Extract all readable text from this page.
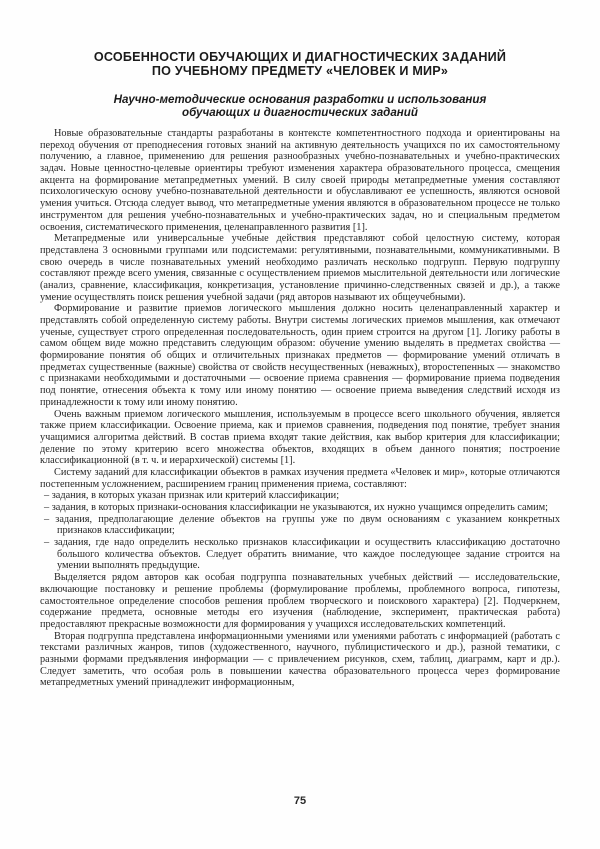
ОСОБЕННОСТИ ОБУЧАЮЩИХ И ДИАГНОСТИЧЕСКИХ ЗАДАНИЙ
ПО УЧЕБНОМУ ПРЕДМЕТУ «ЧЕЛОВЕК И МИР»
Научно-методические основания разработки и использования
обучающих и диагностических заданий

Новые образовательные стандарты разработаны в контексте компетентностного подхода и ориентированы на переход обучения от преподнесения готовых знаний на активную деятельность учащихся по их самостоятельному получению, а главное, применению для решения разнообразных учебно-познавательных и учебно-практических задач. Новые ценностно-целевые ориентиры требуют изменения характера образовательного процесса, смещения акцента на формирование метапредметных умений. В силу своей природы метапредметные умения составляют психологическую основу учебно-познавательной деятельности и обуславливают ее успешность, являются основой умения учиться. Отсюда следует вывод, что метапредметные умения являются в образовательном процессе не только инструментом для решения учебно-познавательных и учебно-практических задач, но и специальным предметом освоения, систематического применения, целенаправленного развития [1].

Метапредменые или универсальные учебные действия представляют собой целостную систему, которая представлена 3 основными группами или подсистемами: регулятивными, познавательными, коммуникативными. В свою очередь в числе познавательных умений необходимо различать несколько подгрупп. Первую подгруппу составляют прежде всего умения, связанные с осуществлением приемов мыслительной деятельности или логические (анализ, сравнение, классификация, конкретизация, установление причинно-следственных связей и др.), а также умение осуществлять поиск решения учебной задачи (ряд авторов называют их общеучебными).

Формирование и развитие приемов логического мышления должно носить целенаправленный характер и представлять собой определенную систему работы. Внутри системы логических приемов мышления, как отмечают ученые, существует строго определенная последовательность, один прием строится на другом [1]. Логику работы в самом общем виде можно представить следующим образом: обучение умению выделять в предметах свойства — формирование понятия об общих и отличительных признаках предметов — формирование умений отличать в предметах существенные (важные) свойства от свойств несущественных (неважных), второстепенных — знакомство с признаками необходимыми и достаточными — освоение приема сравнения — формирование приема подведения под понятие, отнесения объекта к тому или иному понятию — освоение приема выведения следствий исходя из принадлежности к тому или иному понятию.

Очень важным приемом логического мышления, используемым в процессе всего школьного обучения, является также прием классификации. Освоение приема, как и приемов сравнения, подведения под понятие, требует знания учащимися алгоритма действий. В состав приема входят такие действия, как выбор критерия для классификации; деление по этому критерию всего множества объектов, входящих в объем данного понятия; построение классификационной (в т. ч. и иерархической) системы [1].

Систему заданий для классификации объектов в рамках изучения предмета «Человек и мир», которые отличаются постепенным усложнением, расширением границ применения приема, составляют:

– задания, в которых указан признак или критерий классификации;
– задания, в которых признаки-основания классификации не указываются, их нужно учащимся определить самим;
– задания, предполагающие деление объектов на группы уже по двум основаниям с указанием конкретных признаков классификации;
– задания, где надо определить несколько признаков классификации и осуществить классификацию достаточно большого количества объектов. Следует обратить внимание, что каждое последующее задание строится на умении выполнять предыдущие.

Выделяется рядом авторов как особая подгруппа познавательных учебных действий — исследовательские, включающие постановку и решение проблемы (формулирование проблемы, проблемного вопроса, гипотезы, самостоятельное определение способов решения проблем творческого и поискового характера) [2]. Подчеркнем, содержание предмета, основные методы его изучения (наблюдение, эксперимент, практическая работа) предоставляют прекрасные возможности для формирования у учащихся исследовательских компетенций.

Вторая подгруппа представлена информационными умениями или умениями работать с информацией (работать с текстами различных жанров, типов (художественного, научного, публицистического и др.), разной тематики, с разными формами предъявления информации — с привлечением рисунков, схем, таблиц, диаграмм, карт и др.). Следует заметить, что особая роль в повышении качества образовательного процесса через формирование метапредметных умений принадлежит информационным,

75
